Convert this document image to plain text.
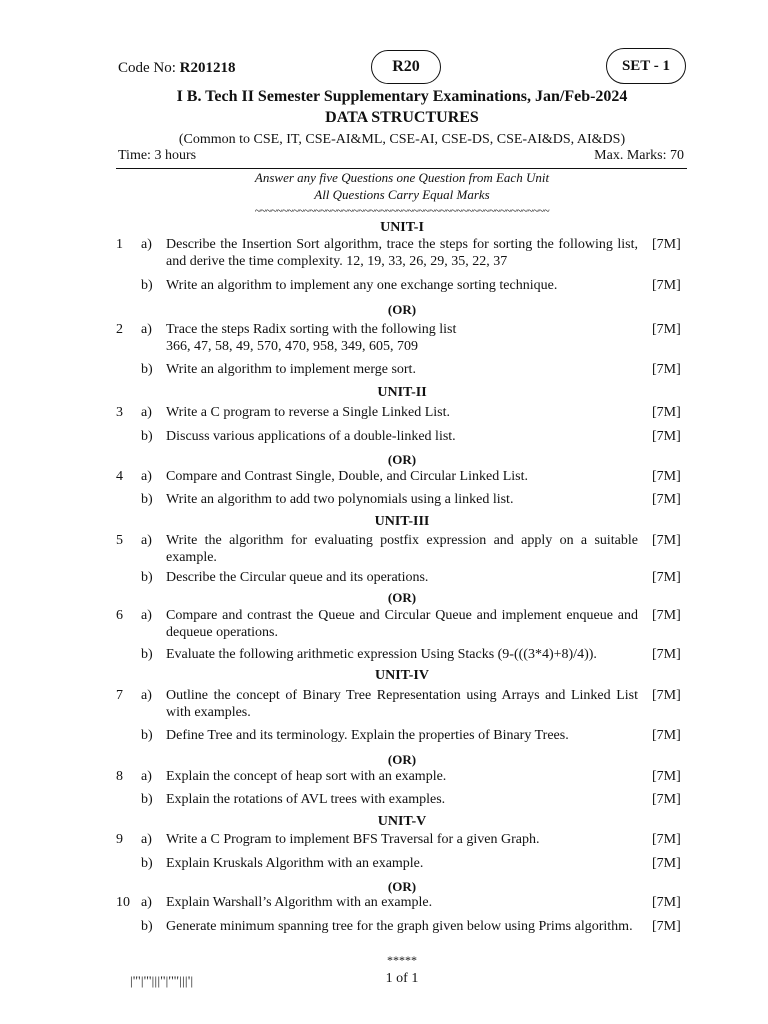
Code No: R201218	R20	SET - 1
I B. Tech II Semester Supplementary Examinations, Jan/Feb-2024
DATA STRUCTURES
(Common to CSE, IT, CSE-AI&ML, CSE-AI, CSE-DS, CSE-AI&DS, AI&DS)
Time: 3 hours	Max. Marks: 70
Answer any five Questions one Question from Each Unit
All Questions Carry Equal Marks
~~~~~~~~~~~~~~~~~~~~~~~~~~~~~~~~~~~~~~~~~~~~~~~~~~~~~~
UNIT-I
1	a)	Describe the Insertion Sort algorithm, trace the steps for sorting the following list, and derive the time complexity. 12, 19, 33, 26, 29, 35, 22, 37
[7M]
b) Write an algorithm to implement any one exchange sorting technique.	[7M]
(OR)
2	a)	Trace the steps Radix sorting with the following list
366, 47, 58, 49, 570, 470, 958, 349, 605, 709
[7M]
b) Write an algorithm to implement merge sort.	[7M]
UNIT-II
3	a)	Write a C program to reverse a Single Linked List.	[7M]
b) Discuss various applications of a double-linked list.	[7M]
(OR)
4	a)	Compare and Contrast Single, Double, and Circular Linked List.	[7M]
b) Write an algorithm to add two polynomials using a linked list.	[7M]
UNIT-III
5	a)	Write the algorithm for evaluating postfix expression and apply on a suitable example.
[7M]
b) Describe the Circular queue and its operations.	[7M]
(OR)
6	a)	Compare and contrast the Queue and Circular Queue and implement enqueue and dequeue operations.
[7M]
b) Evaluate the following arithmetic expression Using Stacks (9-(((3*4)+8)/4)).	[7M]
UNIT-IV
7	a)	Outline the concept of Binary Tree Representation using Arrays and Linked List with examples.
[7M]
b) Define Tree and its terminology. Explain the properties of Binary Trees.	[7M]
(OR)
8	a)	Explain the concept of heap sort with an example.	[7M]
b) Explain the rotations of AVL trees with examples.	[7M]
UNIT-V
9	a)	Write a C Program to implement BFS Traversal for a given Graph.	[7M]
b) Explain Kruskals Algorithm with an example.	[7M]
(OR)
10 a)	Explain Warshall’s Algorithm with an example.	[7M]
b) Generate minimum spanning tree for the graph given below using Prims algorithm.	[7M]
*****
1 of 1
|'''|'''|||''|''''|||'|
